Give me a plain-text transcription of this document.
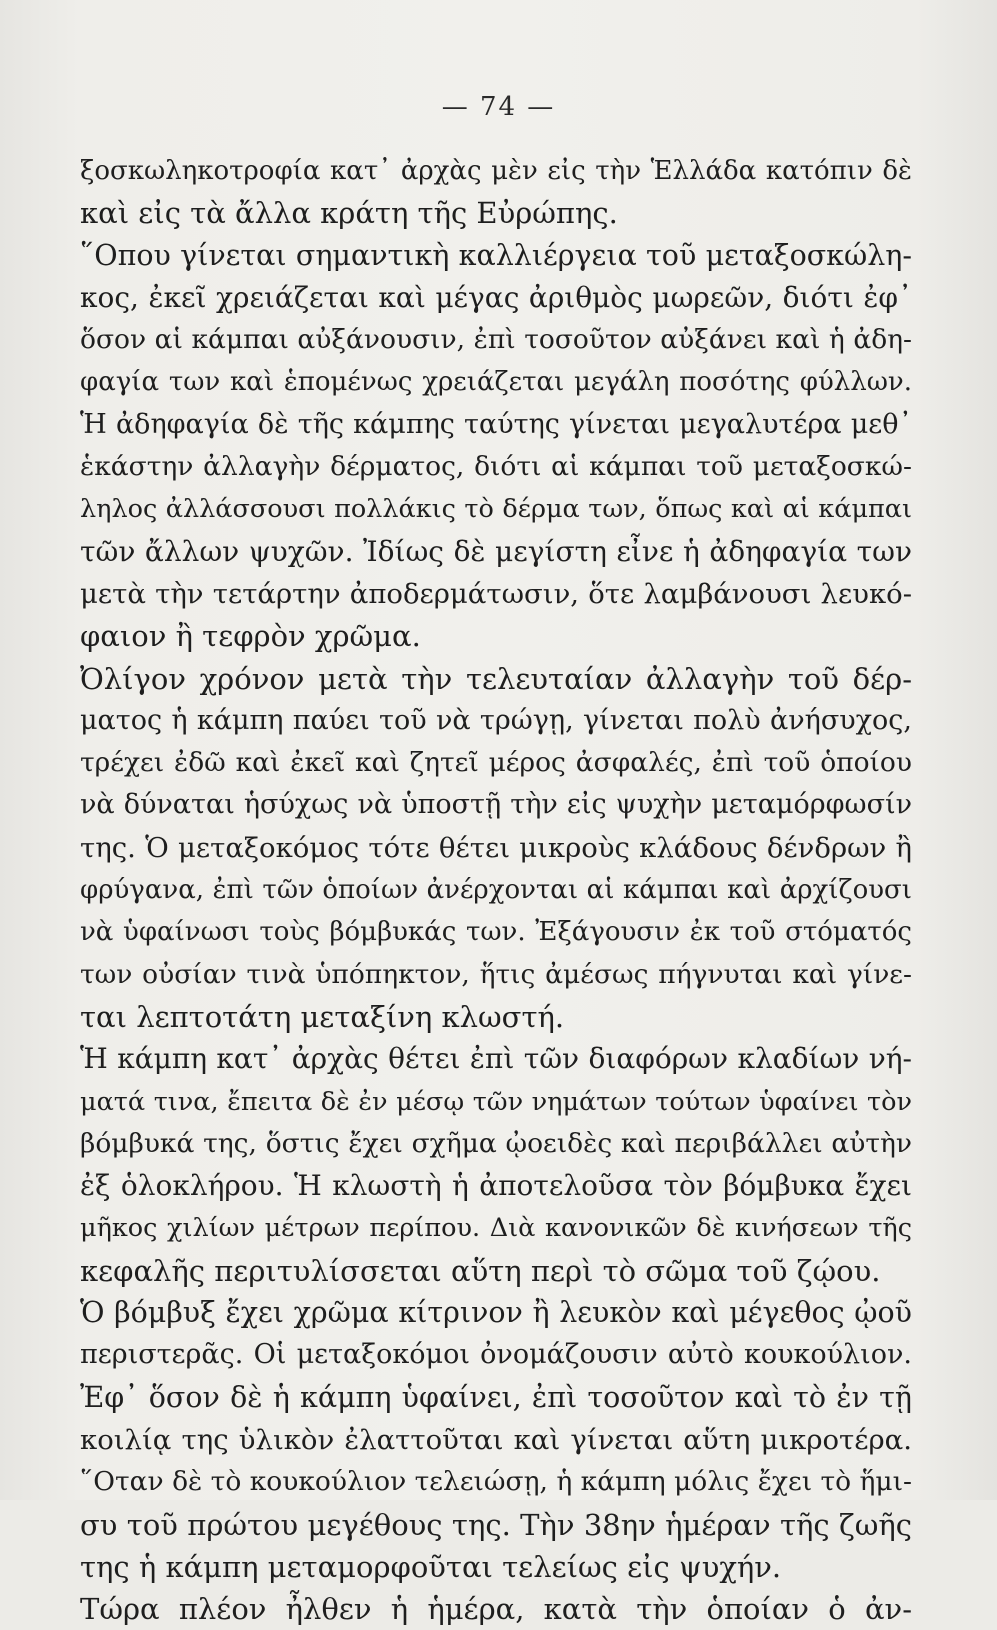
— 74 —
ξοσκωληκοτροφία κατ᾽ ἀρχὰς μὲν εἰς τὴν Ἑλλάδα κατόπιν δὲ
καὶ εἰς τὰ ἄλλα κράτη τῆς Εὐρώπης.
῞Οπου γίνεται σημαντικὴ καλλιέργεια τοῦ μεταξοσκώλη-
κος, ἐκεῖ χρειάζεται καὶ μέγας ἀριθμὸς μωρεῶν, διότι ἐφ᾽
ὅσον αἱ κάμπαι αὐξάνουσιν, ἐπὶ τοσοῦτον αὐξάνει καὶ ἡ ἀδη-
φαγία των καὶ ἑπομένως χρειάζεται μεγάλη ποσότης φύλλων.
Ἡ ἀδηφαγία δὲ τῆς κάμπης ταύτης γίνεται μεγαλυτέρα μεθ᾽
ἑκάστην ἀλλαγὴν δέρματος, διότι αἱ κάμπαι τοῦ μεταξοσκώ-
ληλος ἀλλάσσουσι πολλάκις τὸ δέρμα των, ὅπως καὶ αἱ κάμπαι
τῶν ἄλλων ψυχῶν. Ἰδίως δὲ μεγίστη εἶνε ἡ ἀδηφαγία των
μετὰ τὴν τετάρτην ἀποδερμάτωσιν, ὅτε λαμβάνουσι λευκό-
φαιον ἢ τεφρὸν χρῶμα.
Ὀλίγον χρόνον μετὰ τὴν τελευταίαν ἀλλαγὴν τοῦ δέρ-
ματος ἡ κάμπη παύει τοῦ νὰ τρώγῃ, γίνεται πολὺ ἀνήσυχος,
τρέχει ἐδῶ καὶ ἐκεῖ καὶ ζητεῖ μέρος ἀσφαλές, ἐπὶ τοῦ ὁποίου
νὰ δύναται ἡσύχως νὰ ὑποστῇ τὴν εἰς ψυχὴν μεταμόρφωσίν
της. Ὁ μεταξοκόμος τότε θέτει μικροὺς κλάδους δένδρων ἢ
φρύγανα, ἐπὶ τῶν ὁποίων ἀνέρχονται αἱ κάμπαι καὶ ἀρχίζουσι
νὰ ὑφαίνωσι τοὺς βόμβυκάς των. Ἐξάγουσιν ἐκ τοῦ στόματός
των οὐσίαν τινὰ ὑπόπηκτον, ἥτις ἀμέσως πήγνυται καὶ γίνε-
ται λεπτοτάτη μεταξίνη κλωστή.
Ἡ κάμπη κατ᾽ ἀρχὰς θέτει ἐπὶ τῶν διαφόρων κλαδίων νή-
ματά τινα, ἔπειτα δὲ ἐν μέσῳ τῶν νημάτων τούτων ὑφαίνει τὸν
βόμβυκά της, ὅστις ἔχει σχῆμα ᾠοειδὲς καὶ περιβάλλει αὐτὴν
ἐξ ὁλοκλήρου. Ἡ κλωστὴ ἡ ἀποτελοῦσα τὸν βόμβυκα ἔχει
μῆκος χιλίων μέτρων περίπου. Διὰ κανονικῶν δὲ κινήσεων τῆς
κεφαλῆς περιτυλίσσεται αὕτη περὶ τὸ σῶμα τοῦ ζῴου.
Ὁ βόμβυξ ἔχει χρῶμα κίτρινον ἢ λευκὸν καὶ μέγεθος ᾠοῦ
περιστερᾶς. Οἱ μεταξοκόμοι ὀνομάζουσιν αὐτὸ κουκούλιον.
Ἐφ᾽ ὅσον δὲ ἡ κάμπη ὑφαίνει, ἐπὶ τοσοῦτον καὶ τὸ ἐν τῇ
κοιλίᾳ της ὑλικὸν ἐλαττοῦται καὶ γίνεται αὕτη μικροτέρα.
῞Οταν δὲ τὸ κουκούλιον τελειώσῃ, ἡ κάμπη μόλις ἔχει τὸ ἥμι-
συ τοῦ πρώτου μεγέθους της. Τὴν 38ην ἡμέραν τῆς ζωῆς
της ἡ κάμπη μεταμορφοῦται τελείως εἰς ψυχήν.
Τώρα πλέον ἦλθεν ἡ ἡμέρα, κατὰ τὴν ὁποίαν ὁ ἀν-
